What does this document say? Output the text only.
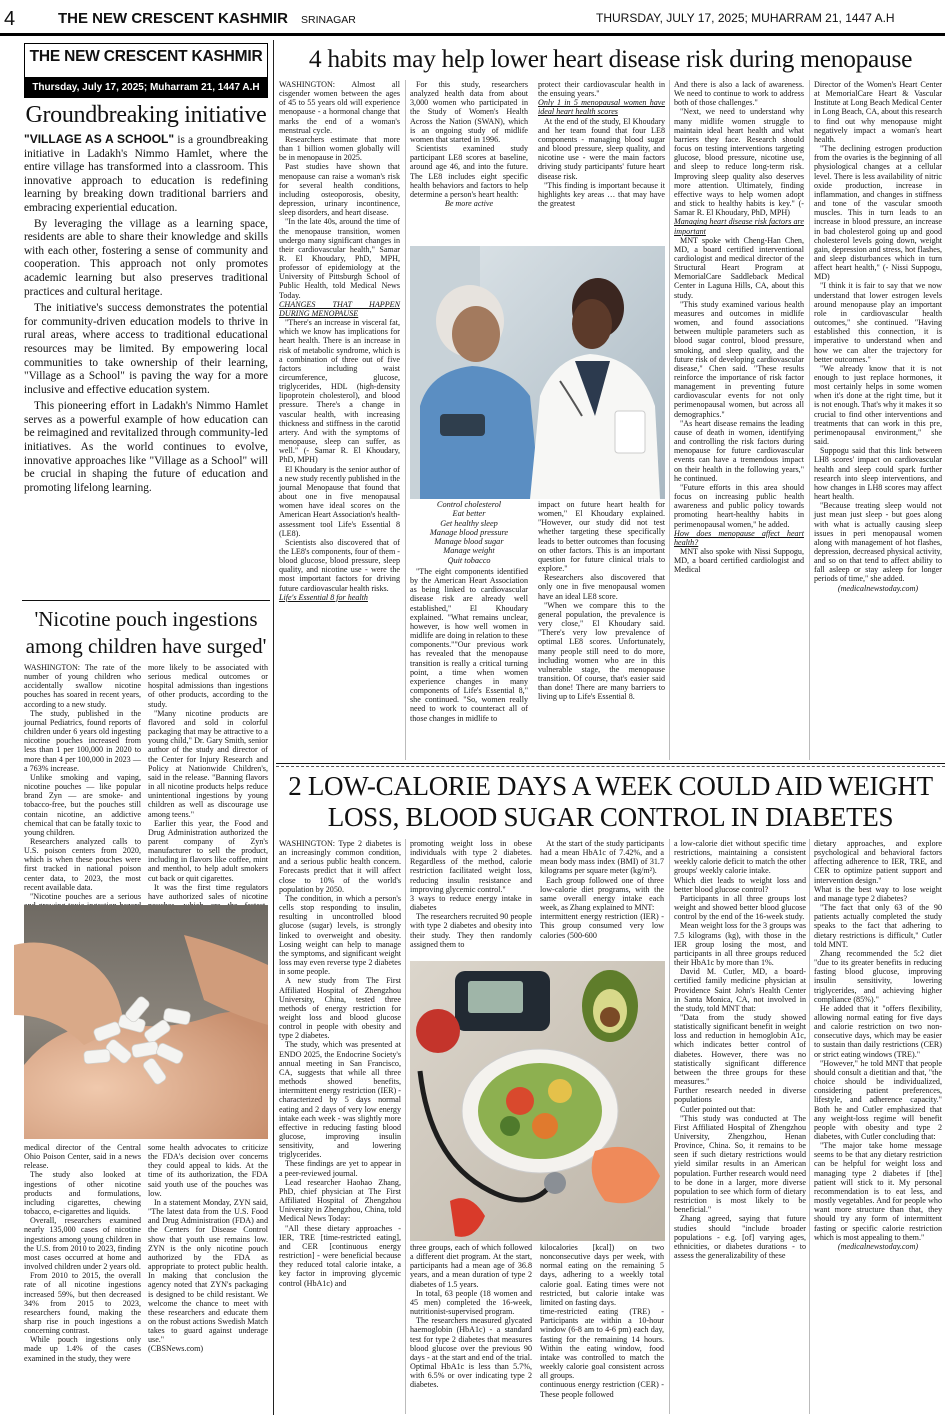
4	THE NEW CRESCENT KASHMIR SRINAGAR	THURSDAY, JULY 17, 2025; MUHARRAM 21, 1447 A.H
THE NEW CRESCENT KASHMIR
Thursday, July 17, 2025; Muharram 21, 1447 A.H
Groundbreaking initiative

"VILLAGE AS A SCHOOL" is a groundbreaking initiative in Ladakh's Nimmo Hamlet, where the entire village has transformed into a classroom. This innovative approach to education is redefining learning by breaking down traditional barriers and embracing experiential education.

By leveraging the village as a learning space, residents are able to share their knowledge and skills with each other, fostering a sense of community and cooperation. This approach not only promotes academic learning but also preserves traditional practices and cultural heritage.

The initiative's success demonstrates the potential for community-driven education models to thrive in rural areas, where access to traditional educational resources may be limited. By empowering local communities to take ownership of their learning, "Village as a School" is paving the way for a more inclusive and effective education system.

This pioneering effort in Ladakh's Nimmo Hamlet serves as a powerful example of how education can be reimagined and revitalized through community-led initiatives. As the world continues to evolve, innovative approaches like "Village as a School" will be crucial in shaping the future of education and promoting lifelong learning.

'Nicotine pouch ingestions
among children have surged'

WASHINGTON: The rate of the number of young children who accidentally swallow nicotine pouches has soared in recent years, according to a new study.

The study, published in the journal Pediatrics, found reports of children under 6 years old ingesting nicotine pouches increased from less than 1 per 100,000 in 2020 to more than 4 per 100,000 in 2023 — a 763% increase.

Unlike smoking and vaping, nicotine pouches — like popular brand Zyn — are smoke- and tobacco-free, but the pouches still contain nicotine, an addictive chemical that can be fatally toxic to young children.

Researchers analyzed calls to U.S. poison centers from 2020, which is when these pouches were first tracked in national poison center data, to 2023, the most recent available data.

"Nicotine pouches are a serious

more likely to be associated with serious medical outcomes or hospital admissions than ingestions of other products, according to the study.

"Many nicotine products are flavored and sold in colorful packaging that may be attractive to a young child," Dr. Gary Smith, senior author of the study and director of the Center for Injury Research and Policy at Nationwide Children's, said in the release. "Banning flavors in all nicotine products helps reduce unintentional ingestions by young children as well as discourage use among teens."

Earlier this year, the Food and Drug Administration authorized the parent company of Zyn's manufacturer to sell the product, including in flavors like coffee, mint and menthol, to help adult smokers cut back or quit cigarettes.

It was the first time regulators have authorized sales of nicotine

medical director of the Central Ohio Poison Center, said in a news release.

The study also looked at ingestions of other nicotine products and formulations, including cigarettes, chewing tobacco, e-cigarettes and liquids.

Overall, researchers examined nearly 135,000 cases of nicotine ingestions among young children in the U.S. from 2010 to 2023, finding most cases occurred at home and involved children under 2 years old.

From 2010 to 2015, the overall rate of all nicotine ingestions increased 59%, but then decreased 34% from 2015 to 2023, researchers found, making the sharp rise in pouch ingestions a concerning contrast.

While pouch ingestions only made up 1.4% of the cases examined in the study, they were

some health advocates to criticize the FDA's decision over concerns they could appeal to kids. At the time of its authorization, the FDA said youth use of the pouches was low.

In a statement Monday, ZYN said, "The latest data from the U.S. Food and Drug Administration (FDA) and the Centers for Disease Control show that youth use remains low. ZYN is the only nicotine pouch authorized by the FDA as appropriate to protect public health. In making that conclusion the agency noted that ZYN's packaging is designed to be child resistant. We welcome the chance to meet with these researchers and educate them on the robust actions Swedish Match takes to guard against underage use."

(CBSNews.com)

4 habits may help lower heart disease risk during menopause

WASHINGTON: Almost all cisgender women between the ages of 45 to 55 years old will experience menopause - a hormonal change that marks the end of a woman's menstrual cycle.

Researchers estimate that more than 1 billion women globally will be in menopause in 2025.

Past studies have shown that menopause can raise a woman's risk for several health conditions, including osteoporosis, obesity, depression, urinary incontinence, sleep disorders, and heart disease.

"In the late 40s, around the time of the menopause transition, women undergo many significant changes in their cardiovascular health," Samar R. El Khoudary, PhD, MPH, professor of epidemiology at the University of Pittsburgh School of Public Health, told Medical News Today.

CHANGES THAT HAPPEN DURING MENOPAUSE

"There's an increase in visceral fat, which we know has implications for heart health. There is an increase in risk of metabolic syndrome, which is a combination of three out of five factors including waist circumference, glucose, triglycerides, HDL (high-density lipoprotein cholesterol), and blood pressure. There's a change in vascular health, with increasing thickness and stiffness in the carotid artery. And with the symptoms of menopause, sleep can suffer, as well." (- Samar R. El Khoudary, PhD, MPH)

El Khoudary is the senior author of a new study recently published in the journal Menopause that found that about one in five menopausal women have ideal scores on the American Heart Association's health-assessment tool Life's Essential 8 (LE8).

Scientists also discovered that of the LE8's components, four of them - blood glucose, blood pressure, sleep quality, and nicotine use - were the most important factors for driving future cardiovascular health risks.

Life's Essential 8 for health

For this study, researchers analyzed health data from about 3,000 women who participated in the Study of Women's Health Across the Nation (SWAN), which is an ongoing study of midlife women that started in 1996.

Scientists examined study participant LE8 scores at baseline, around age 46, and into the future. The LE8 includes eight specific health behaviors and factors to help determine a person's heart health:

Be more active

protect their cardiovascular health in the ensuing years."

Only 1 in 5 menopausal women have ideal heart health scores

At the end of the study, El Khoudary and her team found that four LE8 components - managing blood sugar and blood pressure, sleep quality, and nicotine use - were the main factors driving study participants' future heart disease risk.

"This finding is important because it highlights key areas … that may have the greatest

Control cholesterol
Eat better
Get healthy sleep
Manage blood pressure
Manage blood sugar
Manage weight
Quit tobacco

"The eight components identified by the American Heart Association as being linked to cardiovascular disease risk are already well established," El Khoudary explained. "What remains unclear, however, is how well women in midlife are doing in relation to these components.""Our previous work has revealed that the menopause transition is really a critical turning point, a time when women experience changes in many components of Life's Essential 8," she continued. "So, women really need to work to counteract all of those changes in midlife to

impact on future heart health for women," El Khoudary explained. "However, our study did not test whether targeting these specifically leads to better outcomes than focusing on other factors. This is an important question for future clinical trials to explore."

Researchers also discovered that only one in five menopausal women have an ideal LE8 score.

"When we compare this to the general population, the prevalence is very close," El Khoudary said. "There's very low prevalence of optimal LE8 scores. Unfortunately, many people still need to do more, including women who are in this vulnerable stage, the menopause transition. Of course, that's easier said than done! There are many barriers to living up to Life's Essential 8.

And there is also a lack of awareness. We need to continue to work to address both of those challenges."

"Next, we need to understand why many midlife women struggle to maintain ideal heart health and what barriers they face. Research should focus on testing interventions targeting glucose, blood pressure, nicotine use, and sleep to reduce long-term risk. Improving sleep quality also deserves more attention. Ultimately, finding effective ways to help women adopt and stick to healthy habits is key." (- Samar R. El Khoudary, PhD, MPH)

Managing heart disease risk factors are important

MNT spoke with Cheng-Han Chen, MD, a board certified interventional cardiologist and medical director of the Structural Heart Program at MemorialCare Saddleback Medical Center in Laguna Hills, CA, about this study.

"This study examined various health measures and outcomes in midlife women, and found associations between multiple parameters such as blood sugar control, blood pressure, smoking, and sleep quality, and the future risk of developing cardiovascular disease," Chen said. "These results reinforce the importance of risk factor management in preventing future cardiovascular events for not only perimenopausal women, but across all demographics."

"As heart disease remains the leading cause of death in women, identifying and controlling the risk factors during menopause for future cardiovascular events can have a tremendous impact on their health in the following years," he continued.

"Future efforts in this area should focus on increasing public health awareness and public policy towards promoting heart-healthy habits in perimenopausal women," he added.

How does menopause affect heart health?

MNT also spoke with Nissi Suppogu, MD, a board certified cardiologist and Medical

Director of the Women's Heart Center at MemorialCare Heart & Vascular Institute at Long Beach Medical Center in Long Beach, CA, about this research to find out why menopause might negatively impact a woman's heart health.

"The declining estrogen production from the ovaries is the beginning of all physiological changes at a cellular level. There is less availability of nitric oxide production, increase in inflammation, and changes in stiffness and tone of the vascular smooth muscles. This in turn leads to an increase in blood pressure, an increase in bad cholesterol going up and good cholesterol levels going down, weight gain, depression and stress, hot flashes, and sleep disturbances which in turn affect heart health," (- Nissi Suppogu, MD)

"I think it is fair to say that we now understand that lower estrogen levels around menopause play an important role in cardiovascular health outcomes," she continued. "Having established this connection, it is imperative to understand when and how we can alter the trajectory for better outcomes."

"We already know that it is not enough to just replace hormones, it most certainly helps in some women when it's done at the right time, but it is not enough. That's why it makes it so crucial to find other interventions and treatments that can work in this pre, perimenopausal environment," she said.

Suppogu said that this link between LH8 scores' impact on cardiovascular health and sleep could spark further research into sleep interventions, and how changes in LH8 scores may affect heart health.

"Because treating sleep would not just mean just sleep - but goes along with what is actually causing sleep issues in peri menopausal women along with management of hot flashes, depression, decreased physical activity, and so on that tend to affect ability to fall asleep or stay asleep for longer periods of time," she added.

(medicalnewstoday.com)

2 LOW-CALORIE DAYS A WEEK COULD AID WEIGHT
LOSS, BLOOD SUGAR CONTROL IN DIABETES

WASHINGTON: Type 2 diabetes is an increasingly common condition, and a serious public health concern. Forecasts predict that it will affect close to 10% of the world's population by 2050.

The condition, in which a person's cells stop responding to insulin, resulting in uncontrolled blood glucose (sugar) levels, is strongly linked to overweight and obesity. Losing weight can help to manage the symptoms, and significant weight loss may even reverse type 2 diabetes in some people.

A new study from The First Affiliated Hospital of Zhengzhou University, China, tested three methods of energy restriction for weight loss and blood glucose control in people with obesity and type 2 diabetes.

The study, which was presented at ENDO 2025, the Endocrine Society's annual meeting in San Francisco, CA, suggests that while all three methods showed benefits, intermittent energy restriction (IER) - characterized by 5 days normal eating and 2 days of very low energy intake each week - was slightly more effective in reducing fasting blood glucose, improving insulin sensitivity, and lowering triglycerides.

These findings are yet to appear in a peer-reviewed journal.

Lead researcher Haohao Zhang, PhD, chief physician at The First Affiliated Hospital of Zhengzhou University in Zhengzhou, China, told Medical News Today:

"All these dietary approaches - IER, TRE [time-restricted eating], and CER [continuous energy restriction] - were beneficial because they reduced total calorie intake, a key factor in improving glycemic control (HbA1c) and

promoting weight loss in obese individuals with type 2 diabetes. Regardless of the method, calorie restriction facilitated weight loss, reducing insulin resistance and improving glycemic control."

3 ways to reduce energy intake in diabetes

The researchers recruited 90 people with type 2 diabetes and obesity into their study. They then randomly assigned them to

At the start of the study participants had a mean HbA1c of 7.42%, and a mean body mass index (BMI) of 31.7 kilograms per square meter (kg/m²).

Each group followed one of three low-calorie diet programs, with the same overall energy intake each week, as Zhang explained to MNT:

intermittent energy restriction (IER) - This group consumed very low calories (500-600

three groups, each of which followed a different diet program. At the start, participants had a mean age of 36.8 years, and a mean duration of type 2 diabetes of 1.5 years.

In total, 63 people (18 women and 45 men) completed the 16-week, nutritionist-supervised program.

The researchers measured glycated haemoglobin (HbA1c) - a standard test for type 2 diabetes that measures blood glucose over the previous 90 days - at the start and end of the trial. Optimal HbA1c is less than 5.7%, with 6.5% or over indicating type 2 diabetes.

kilocalories [kcal]) on two nonconsecutive days per week, with normal eating on the remaining 5 days, adhering to a weekly total calorie goal. Eating times were not restricted, but calorie intake was limited on fasting days.

time-restricted eating (TRE) - Participants ate within a 10-hour window (6-8 am to 4-6 pm) each day, fasting for the remaining 14 hours. Within the eating window, food intake was controlled to match the weekly calorie goal consistent across all groups.

continuous energy restriction (CER) - These people followed

a low-calorie diet without specific time restrictions, maintaining a consistent weekly calorie deficit to match the other groups' weekly calorie intake.

Which diet leads to weight loss and better blood glucose control?

Participants in all three groups lost weight and showed better blood glucose control by the end of the 16-week study.

Mean weight loss for the 3 groups was 7.5 kilograms (kg), with those in the IER group losing the most, and participants in all three groups reduced their HbA1c by more than 1%.

David M. Cutler, MD, a board-certified family medicine physician at Providence Saint John's Health Center in Santa Monica, CA, not involved in the study, told MNT that:

"Data from the study showed statistically significant benefit in weight loss and reduction in hemoglobin A1c, which indicates better control of diabetes. However, there was no statistically significant difference between the three groups for these measures."

Further research needed in diverse populations

Cutler pointed out that:

"This study was conducted at The First Affiliated Hospital of Zhengzhou University, Zhengzhou, Henan Province, China. So, it remains to be seen if such dietary restrictions would yield similar results in an American population. Further research would need to be done in a larger, more diverse population to see which form of dietary restriction is most likely to be beneficial."

Zhang agreed, saying that future studies should "include broader populations - e.g. [of] varying ages, ethnicities, or diabetes durations - to assess the generalizability of these

dietary approaches, and explore psychological and behavioral factors affecting adherence to IER, TRE, and CER to optimize patient support and intervention design."

What is the best way to lose weight and manage type 2 diabetes?

"The fact that only 63 of the 90 patients actually completed the study speaks to the fact that adhering to dietary restrictions is difficult," Cutler told MNT.

Zhang recommended the 5:2 diet "due to its greater benefits in reducing fasting blood glucose, improving insulin sensitivity, lowering triglycerides, and achieving higher compliance (85%)."

He added that it "offers flexibility, allowing normal eating for five days and calorie restriction on two non-consecutive days, which may be easier to sustain than daily restrictions (CER) or strict eating windows (TRE)."

"However," he told MNT that people should consult a dietitian and that, "the choice should be individualized, considering patient preferences, lifestyle, and adherence capacity." Both he and Cutler emphasized that any weight-loss regime will benefit people with obesity and type 2 diabetes, with Cutler concluding that:

"The major take home message seems to be that any dietary restriction can be helpful for weight loss and managing type 2 diabetes if [the] patient will stick to it. My personal recommendation is to eat less, and mostly vegetables. And for people who want more structure than that, they should try any form of intermittent fasting or specific calorie restriction which is most appealing to them."

(medicalnewstoday.com)
